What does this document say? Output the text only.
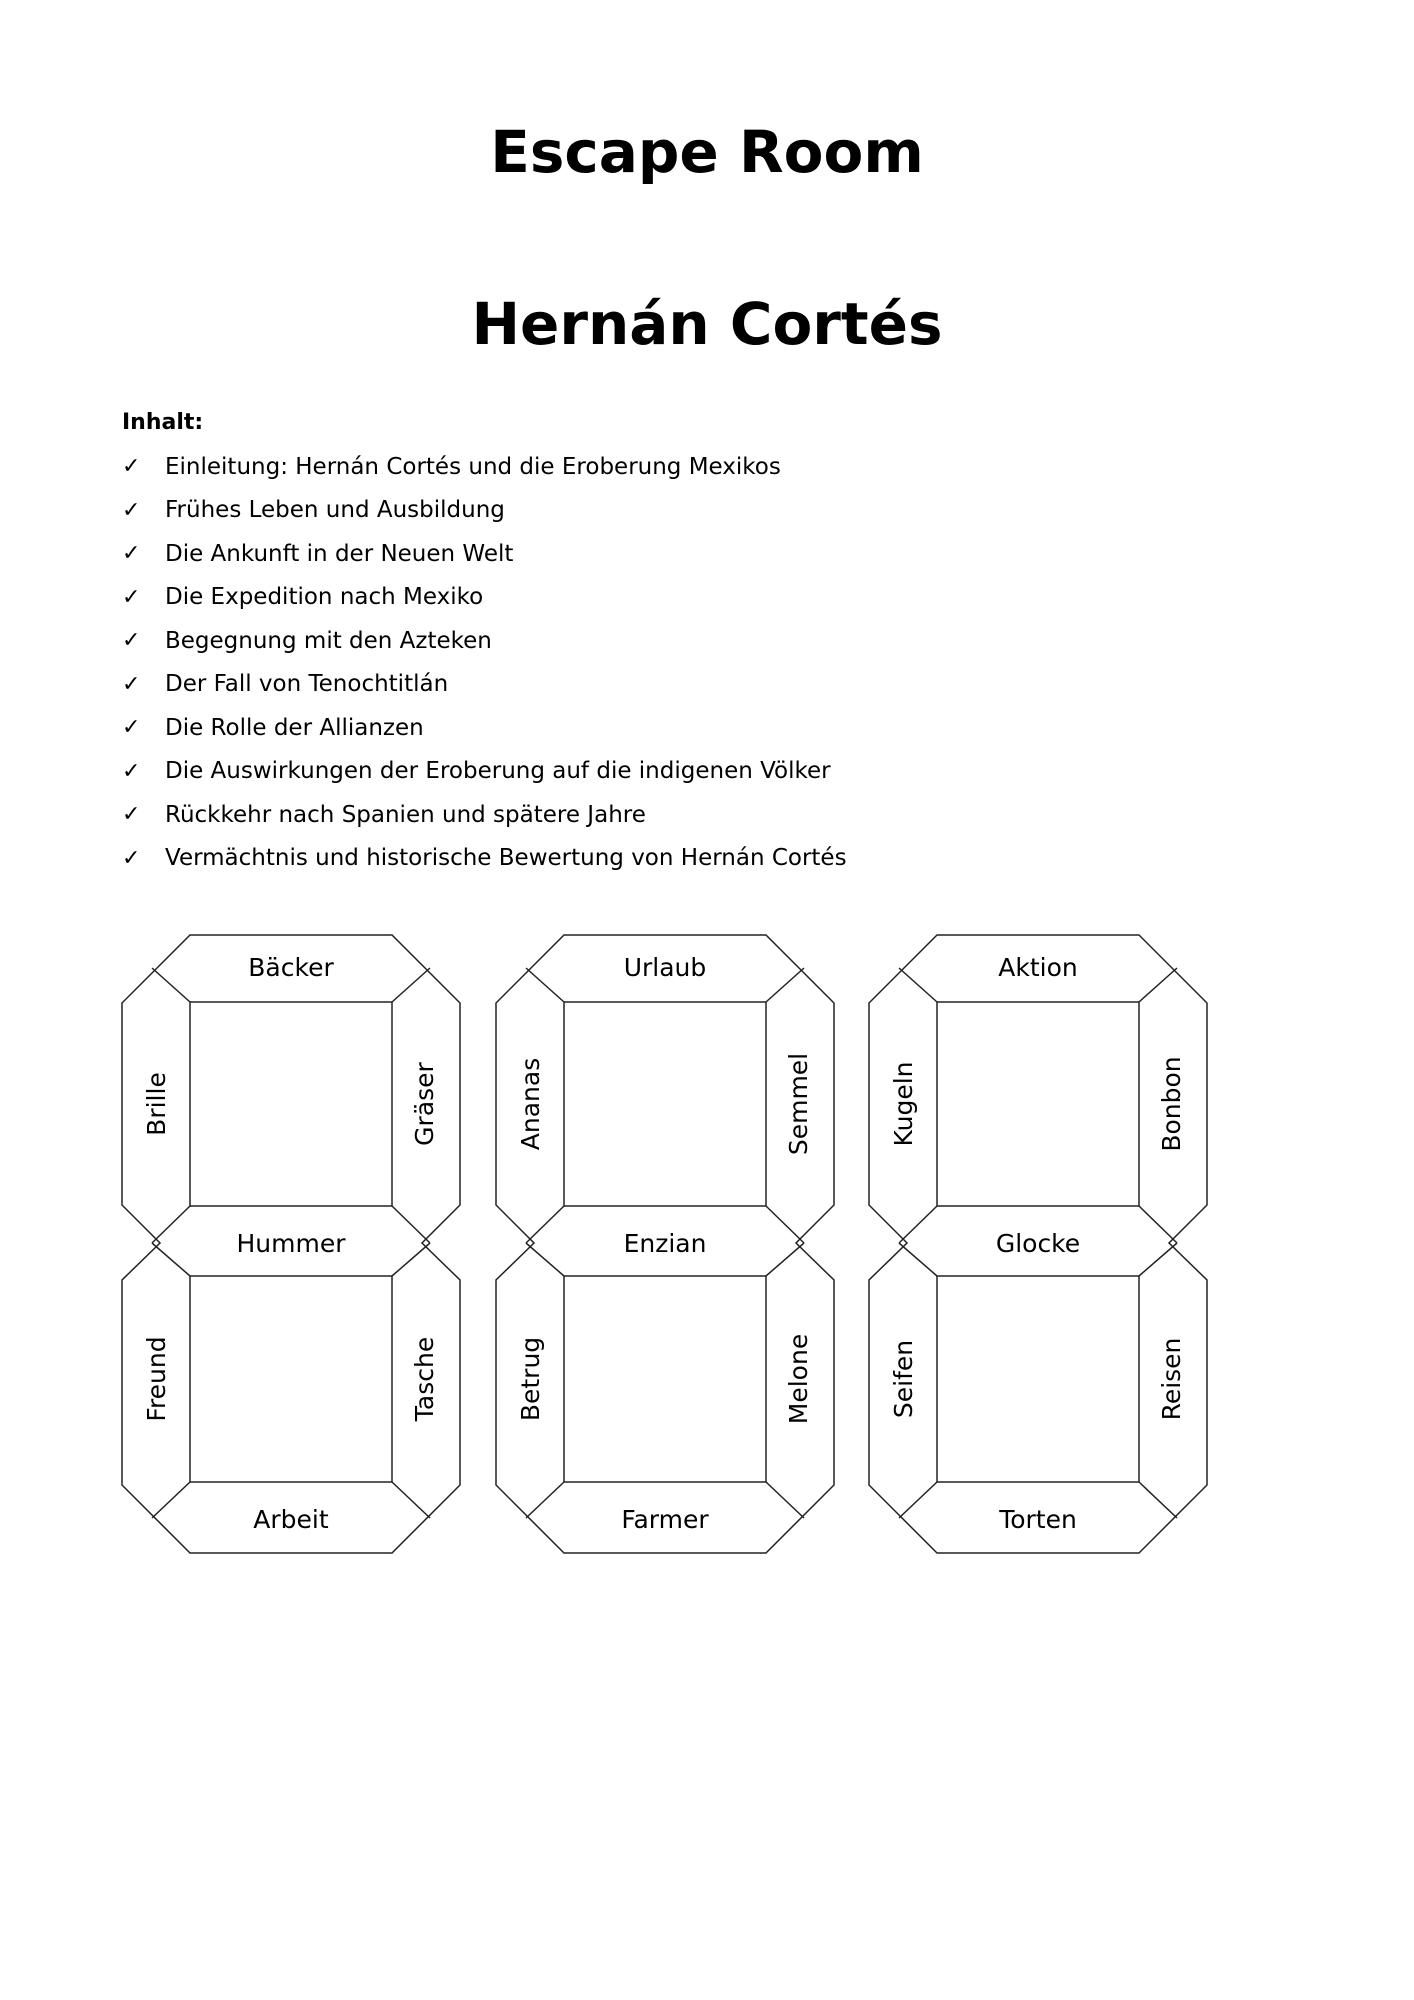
Escape Room
Hernán Cortés
Inhalt:
✓	Einleitung: Hernán Cortés und die Eroberung Mexikos
✓	Frühes Leben und Ausbildung
✓	Die Ankunft in der Neuen Welt
✓	Die Expedition nach Mexiko
✓	Begegnung mit den Azteken
✓	Der Fall von Tenochtitlán
✓	Die Rolle der Allianzen
✓	Die Auswirkungen der Eroberung auf die indigenen Völker
✓	Rückkehr nach Spanien und spätere Jahre
✓	Vermächtnis und historische Bewertung von Hernán Cortés
Bäcker
Brille	Gräser
Hummer
Freund	Tasche
Arbeit
Urlaub
Ananas	Semmel
Enzian
Betrug	Melone
Farmer
Aktion
Kugeln	Bonbon
Glocke
Seifen	Reisen
Torten
